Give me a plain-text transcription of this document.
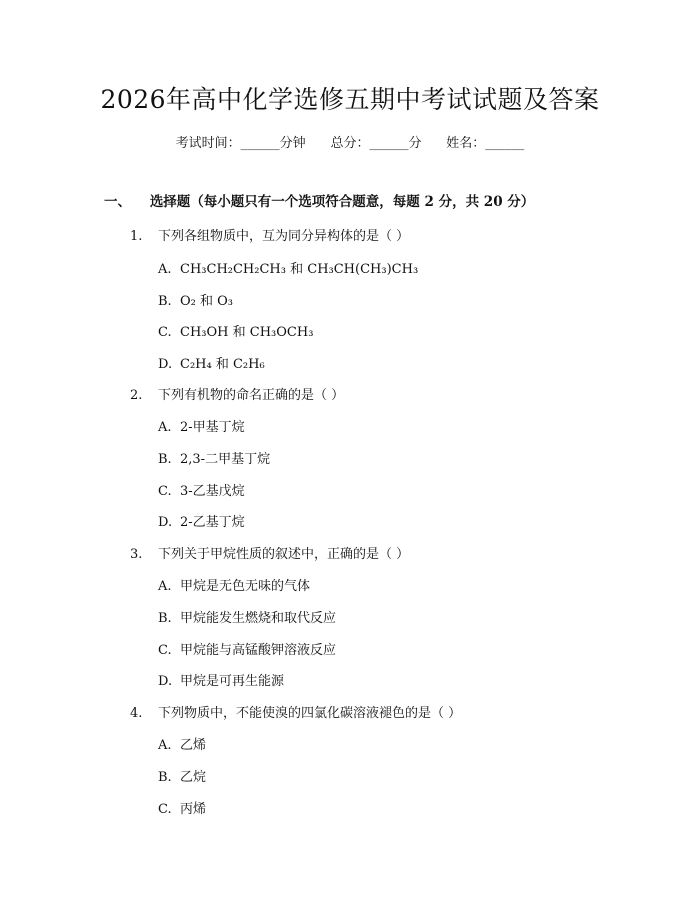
2026年高中化学选修五期中考试试题及答案
考试时间：______分钟 总分：______分 姓名：______
一、 选择题（每小题只有一个选项符合题意，每题 2 分，共 20 分）
1. 下列各组物质中，互为同分异构体的是（ ）
A. CH₃CH₂CH₂CH₃ 和 CH₃CH(CH₃)CH₃
B. O₂ 和 O₃
C. CH₃OH 和 CH₃OCH₃
D. C₂H₄ 和 C₂H₆
2. 下列有机物的命名正确的是（ ）
A. 2-甲基丁烷
B. 2,3-二甲基丁烷
C. 3-乙基戊烷
D. 2-乙基丁烷
3. 下列关于甲烷性质的叙述中，正确的是（ ）
A. 甲烷是无色无味的气体
B. 甲烷能发生燃烧和取代反应
C. 甲烷能与高锰酸钾溶液反应
D. 甲烷是可再生能源
4. 下列物质中，不能使溴的四氯化碳溶液褪色的是（ ）
A. 乙烯
B. 乙烷
C. 丙烯
